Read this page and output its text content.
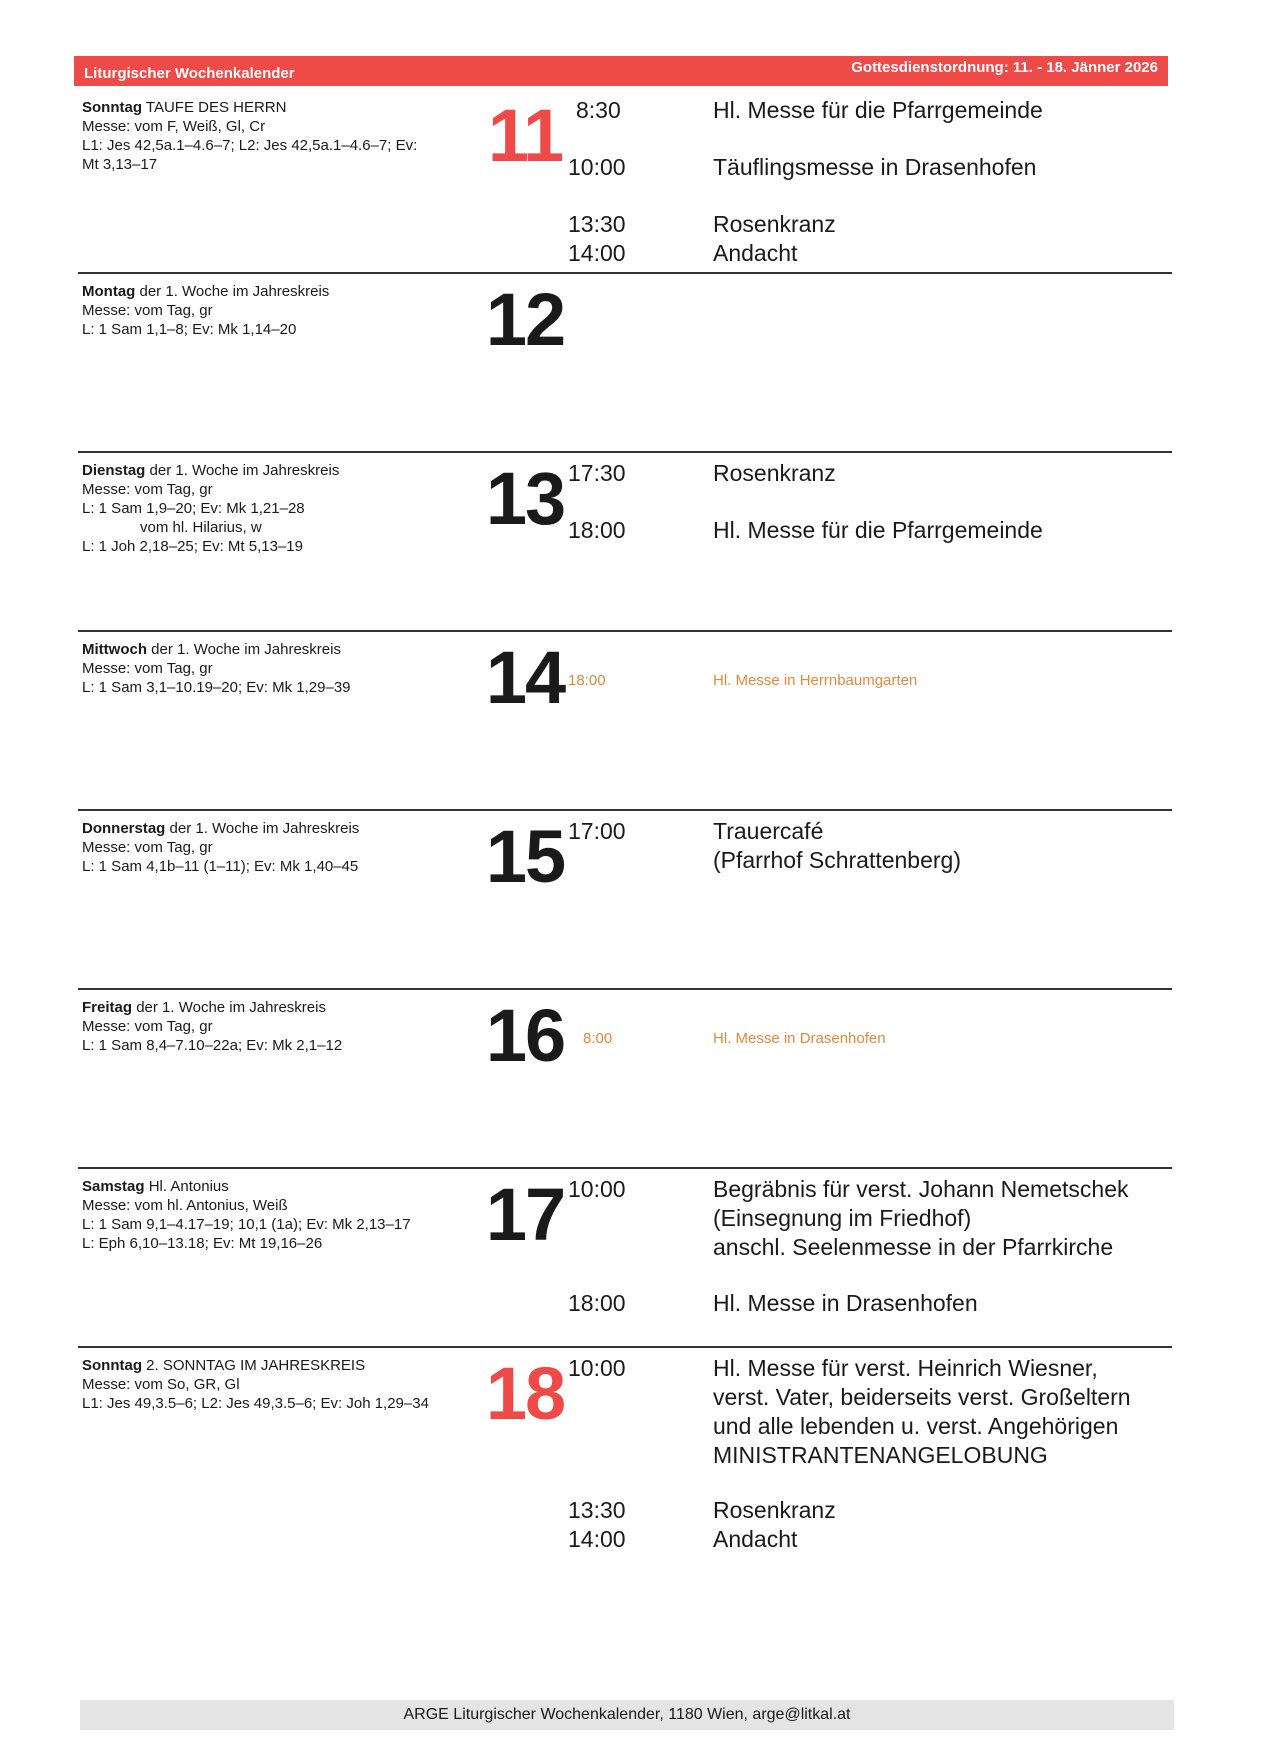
Liturgischer Wochenkalender	Gottesdienstordnung: 11. - 18. Jänner 2026
Sonntag TAUFE DES HERRN
Messe: vom F, Weiß, Gl, Cr
L1: Jes 42,5a.1–4.6–7; L2: Jes 42,5a.1–4.6–7; Ev:
Mt 3,13–17	11 8:30	Hl. Messe für die Pfarrgemeinde
10:00	Täuflingsmesse in Drasenhofen
13:30	Rosenkranz
14:00	Andacht
Montag der 1. Woche im Jahreskreis
Messe: vom Tag, gr
L: 1 Sam 1,1–8; Ev: Mk 1,14–20	12
Dienstag der 1. Woche im Jahreskreis
Messe: vom Tag, gr
L: 1 Sam 1,9–20; Ev: Mk 1,21–28
vom hl. Hilarius, w
L: 1 Joh 2,18–25; Ev: Mt 5,13–19
13 17:30	Rosenkranz
18:00	Hl. Messe für die Pfarrgemeinde
Mittwoch der 1. Woche im Jahreskreis
Messe: vom Tag, gr
L: 1 Sam 3,1–10.19–20; Ev: Mk 1,29–39	14 18:00	Hl. Messe in Herrnbaumgarten
Donnerstag der 1. Woche im Jahreskreis
Messe: vom Tag, gr
L: 1 Sam 4,1b–11 (1–11); Ev: Mk 1,40–45	15 17:00	Trauercafé
(Pfarrhof Schrattenberg)
Freitag der 1. Woche im Jahreskreis
Messe: vom Tag, gr
L: 1 Sam 8,4–7.10–22a; Ev: Mk 2,1–12	16	8:00	Hl. Messe in Drasenhofen
Samstag Hl. Antonius
Messe: vom hl. Antonius, Weiß
L: 1 Sam 9,1–4.17–19; 10,1 (1a); Ev: Mk 2,13–17
L: Eph 6,10–13.18; Ev: Mt 19,16–26	17 10:00	Begräbnis für verst. Johann Nemetschek
(Einsegnung im Friedhof)
anschl. Seelenmesse in der Pfarrkirche
18:00	Hl. Messe in Drasenhofen
Sonntag 2. SONNTAG IM JAHRESKREIS
Messe: vom So, GR, Gl
L1: Jes 49,3.5–6; L2: Jes 49,3.5–6; Ev: Joh 1,29–34 18 10:00	Hl. Messe für verst. Heinrich Wiesner,
verst. Vater, beiderseits verst. Großeltern
und alle lebenden u. verst. Angehörigen
MINISTRANTENANGELOBUNG
13:30	Rosenkranz
14:00	Andacht
ARGE Liturgischer Wochenkalender, 1180 Wien, arge@litkal.at
